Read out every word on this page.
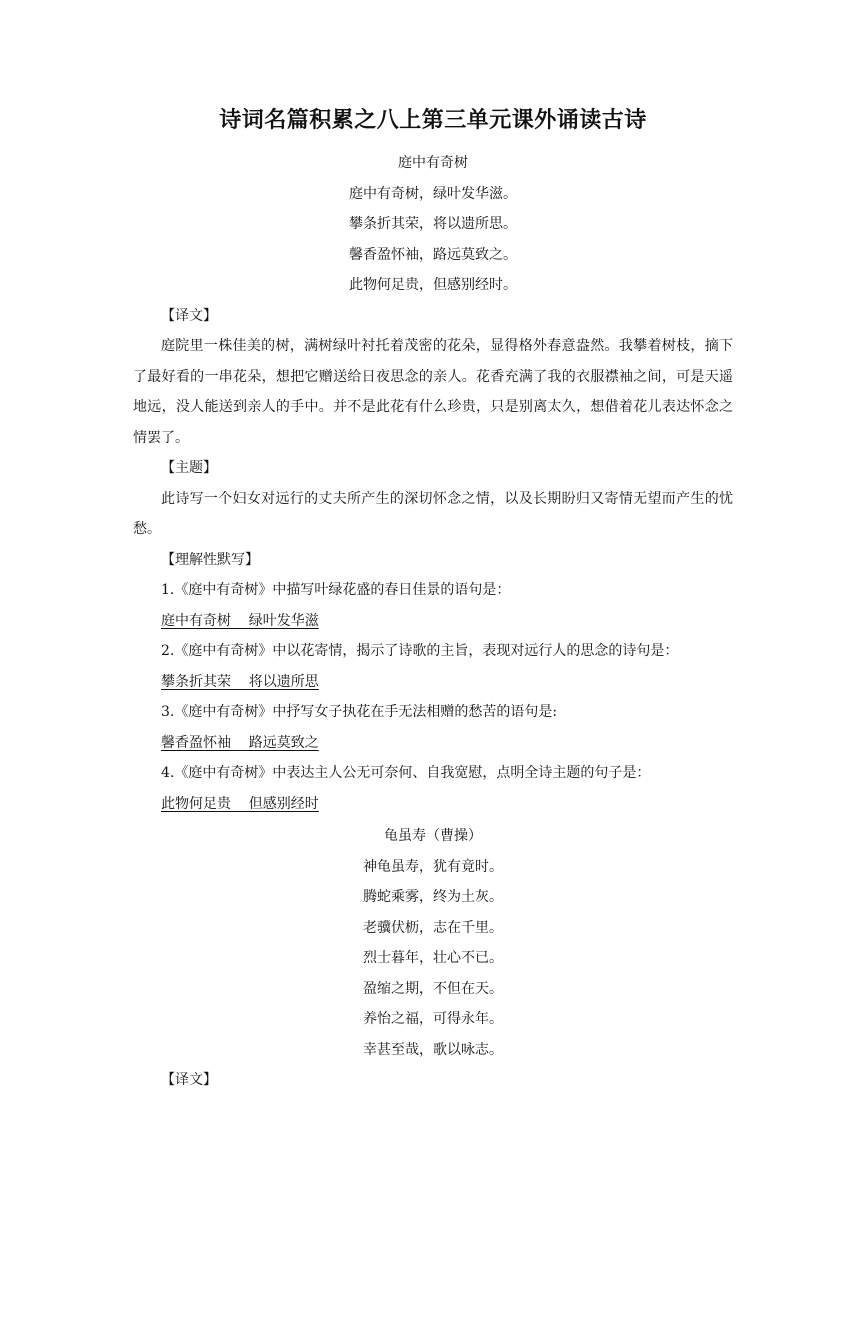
诗词名篇积累之八上第三单元课外诵读古诗
庭中有奇树
庭中有奇树，绿叶发华滋。
攀条折其荣，将以遗所思。
馨香盈怀袖，路远莫致之。
此物何足贵，但感别经时。

【译文】

庭院里一株佳美的树，满树绿叶衬托着茂密的花朵，显得格外春意盎然。我攀着树枝，摘下了最好看的一串花朵，想把它赠送给日夜思念的亲人。花香充满了我的衣服襟袖之间，可是天遥地远，没人能送到亲人的手中。并不是此花有什么珍贵，只是别离太久，想借着花儿表达怀念之情罢了。

【主题】

此诗写一个妇女对远行的丈夫所产生的深切怀念之情，以及长期盼归又寄情无望而产生的忧愁。

【理解性默写】

1.《庭中有奇树》中描写叶绿花盛的春日佳景的语句是：

庭中有奇树    绿叶发华滋

2.《庭中有奇树》中以花寄情，揭示了诗歌的主旨，表现对远行人的思念的诗句是：

攀条折其荣    将以遗所思

3.《庭中有奇树》中抒写女子执花在手无法相赠的愁苦的语句是:

馨香盈怀袖    路远莫致之

4.《庭中有奇树》中表达主人公无可奈何、自我宽慰，点明全诗主题的句子是：

此物何足贵    但感别经时

龟虽寿（曹操）
神龟虽寿，犹有竟时。
腾蛇乘雾，终为土灰。
老骥伏枥，志在千里。
烈士暮年，壮心不已。
盈缩之期，不但在天。
养怡之福，可得永年。
幸甚至哉，歌以咏志。

【译文】
